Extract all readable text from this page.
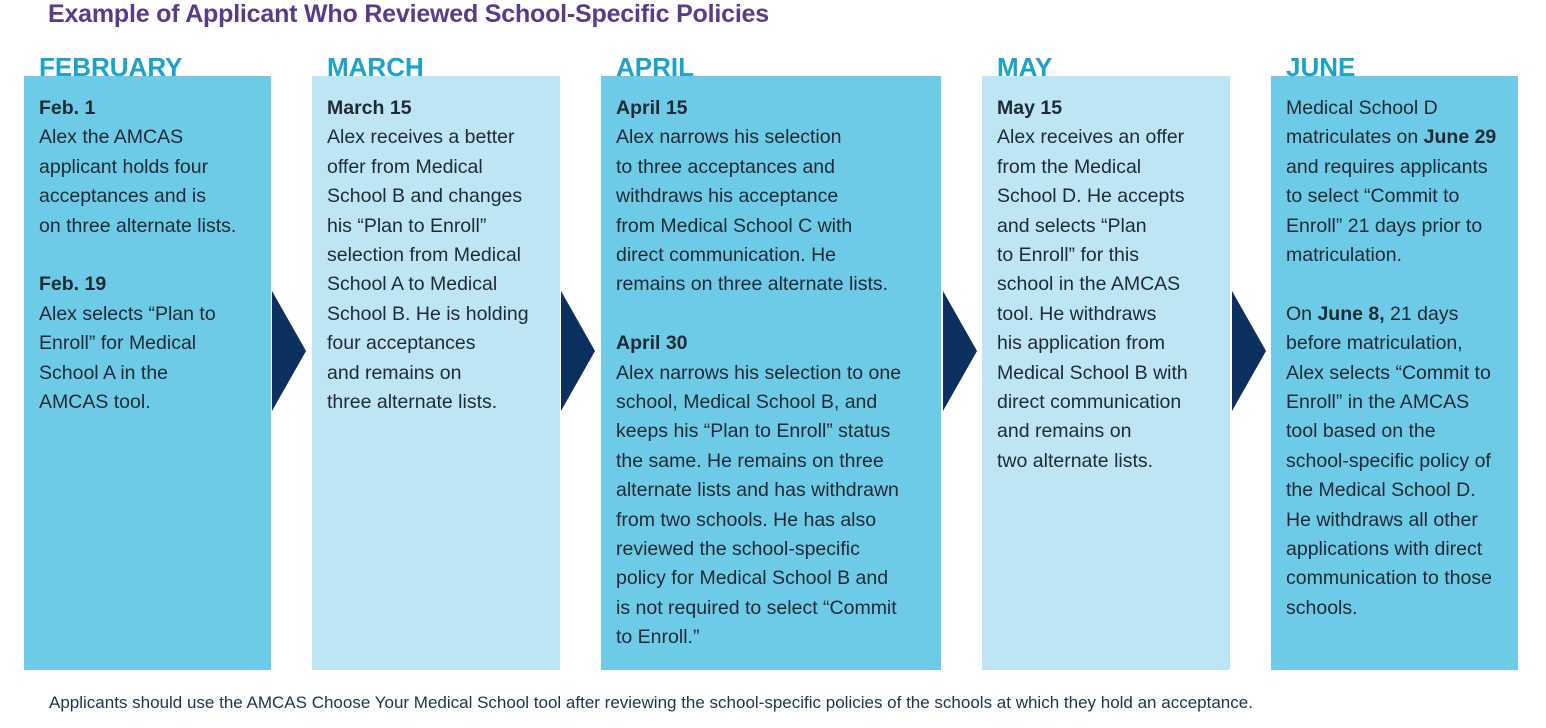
Example of Applicant Who Reviewed School-Specific Policies
Feb. 1
Alex the AMCAS
applicant holds four
acceptances and is
on three alternate lists.
Feb. 19
Alex selects “Plan to
Enroll” for Medical
School A in the
AMCAS tool.
FEBRUARY
March 15
Alex receives a better
offer from Medical
School B and changes
his “Plan to Enroll”
selection from Medical
School A to Medical
School B. He is holding
four acceptances
and remains on
three alternate lists.
MARCH
April 15
Alex narrows his selection
to three acceptances and
withdraws his acceptance
from Medical School C with
direct communication. He
remains on three alternate lists.
April 30
Alex narrows his selection to one
school, Medical School B, and
keeps his “Plan to Enroll” status
the same. He remains on three
alternate lists and has withdrawn
from two schools. He has also
reviewed the school-specific
policy for Medical School B and
is not required to select “Commit
to Enroll.”
APRIL
May 15
Alex receives an offer
from the Medical
School D. He accepts
and selects “Plan
to Enroll” for this
school in the AMCAS
tool. He withdraws
his application from
Medical School B with
direct communication
and remains on
two alternate lists.
MAY
Medical School D
matriculates on June 29
and requires applicants
to select “Commit to
Enroll” 21 days prior to
matriculation.
On June 8, 21 days
before matriculation,
Alex selects “Commit to
Enroll” in the AMCAS
tool based on the
school-specific policy of
the Medical School D.
He withdraws all other
applications with direct
communication to those
schools.
JUNE
Applicants should use the AMCAS Choose Your Medical School tool after reviewing the school-specific policies of the schools at which they hold an acceptance.
